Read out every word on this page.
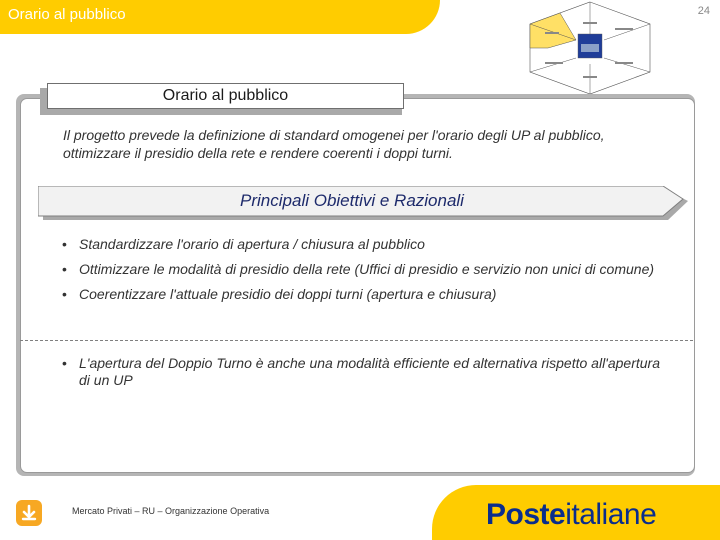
Orario al pubblico	24
Orario al pubblico
Il progetto prevede la definizione di standard omogenei per l'orario degli UP al pubblico, ottimizzare il presidio della rete e rendere coerenti i doppi turni.
Principali Obiettivi e Razionali
• Standardizzare l'orario di apertura / chiusura al pubblico
• Ottimizzare le modalità di presidio della rete (Uffici di presidio e servizio non unici di comune)
• Coerentizzare l'attuale presidio dei doppi turni (apertura e chiusura)
• L'apertura del Doppio Turno è anche una modalità efficiente ed alternativa rispetto all'apertura di un UP
Mercato Privati – RU – Organizzazione Operativa	Posteitaliane
